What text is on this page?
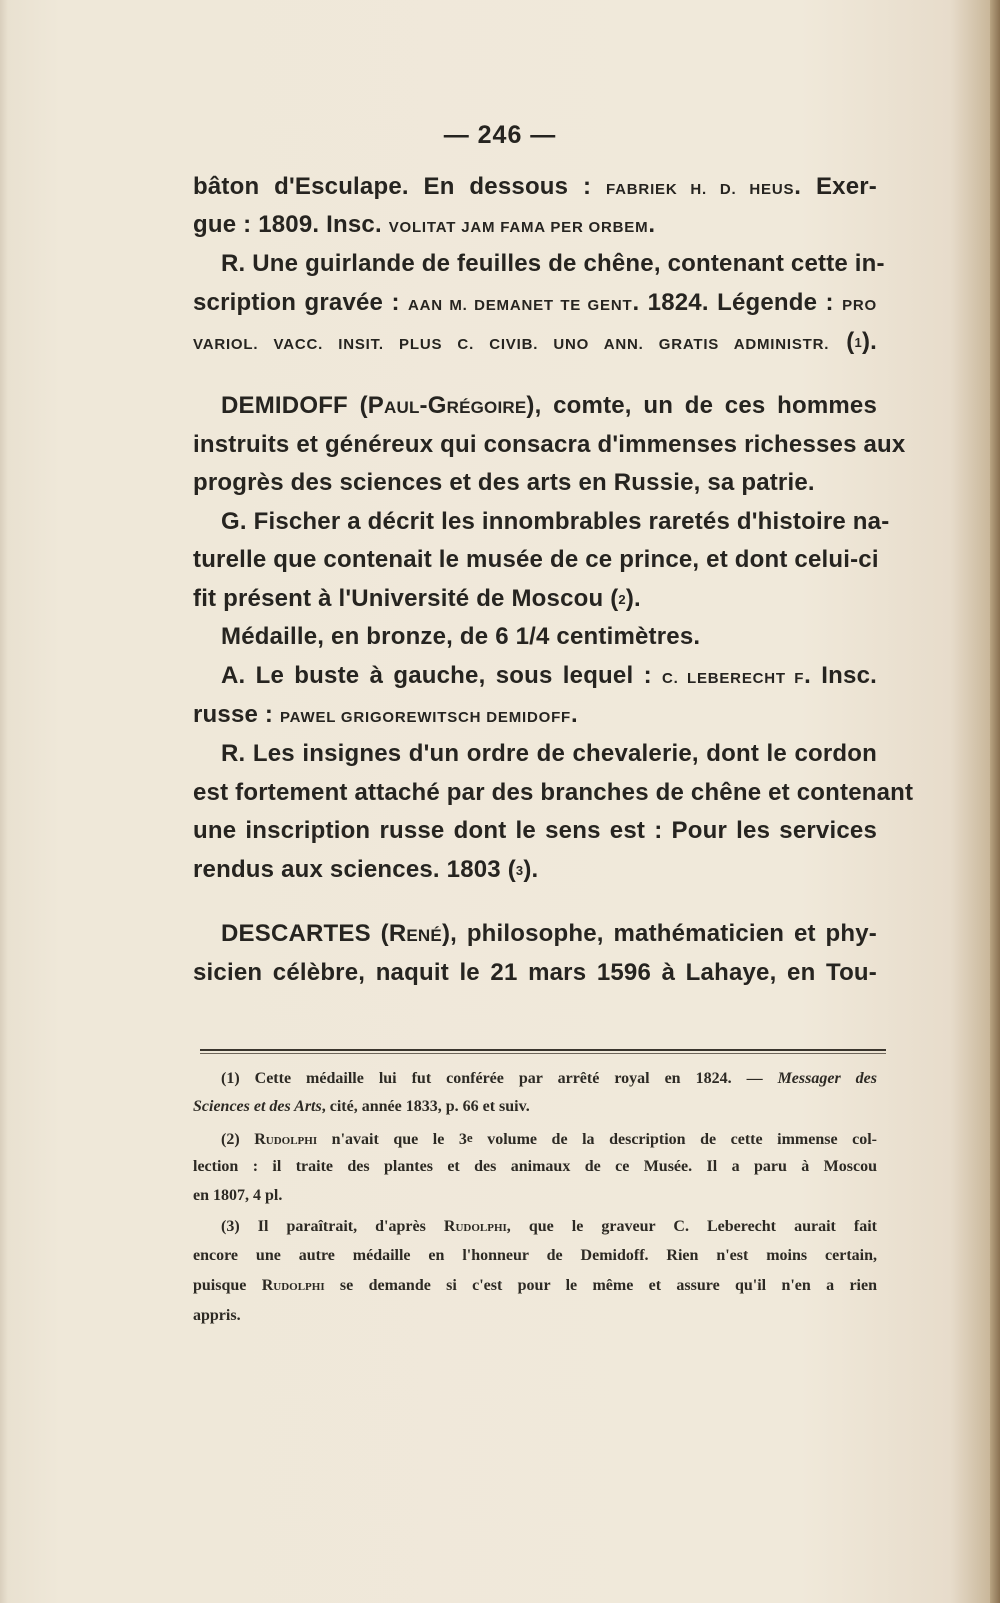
— 246 —
bâton d'Esculape. En dessous : FABRIEK H. D. HEUS. Exer-
gue : 1809. Insc. VOLITAT JAM FAMA PER ORBEM.
R. Une guirlande de feuilles de chêne, contenant cette in-
scription gravée : AAN M. DEMANET TE GENT. 1824. Légende : PRO
VARIOL. VACC. INSIT. PLUS C. CIVIB. UNO ANN. GRATIS ADMINISTR. (1).
DEMIDOFF (Paul-Grégoire), comte, un de ces hommes
instruits et généreux qui consacra d'immenses richesses aux
progrès des sciences et des arts en Russie, sa patrie.
G. Fischer a décrit les innombrables raretés d'histoire na-
turelle que contenait le musée de ce prince, et dont celui-ci
fit présent à l'Université de Moscou (2).
Médaille, en bronze, de 6 1/4 centimètres.
A. Le buste à gauche, sous lequel : C. LEBERECHT F. Insc.
russe : PAWEL GRIGOREWITSCH DEMIDOFF.
R. Les insignes d'un ordre de chevalerie, dont le cordon
est fortement attaché par des branches de chêne et contenant
une inscription russe dont le sens est : Pour les services
rendus aux sciences. 1803 (3).
DESCARTES (René), philosophe, mathématicien et phy-
sicien célèbre, naquit le 21 mars 1596 à Lahaye, en Tou-
(1) Cette médaille lui fut conférée par arrêté royal en 1824. — Messager des
Sciences et des Arts, cité, année 1833, p. 66 et suiv.
(2) Rudolphi n'avait que le 3e volume de la description de cette immense col-
lection : il traite des plantes et des animaux de ce Musée. Il a paru à Moscou
en 1807, 4 pl.
(3) Il paraîtrait, d'après Rudolphi, que le graveur C. Leberecht aurait fait
encore une autre médaille en l'honneur de Demidoff. Rien n'est moins certain,
puisque Rudolphi se demande si c'est pour le même et assure qu'il n'en a rien
appris.
